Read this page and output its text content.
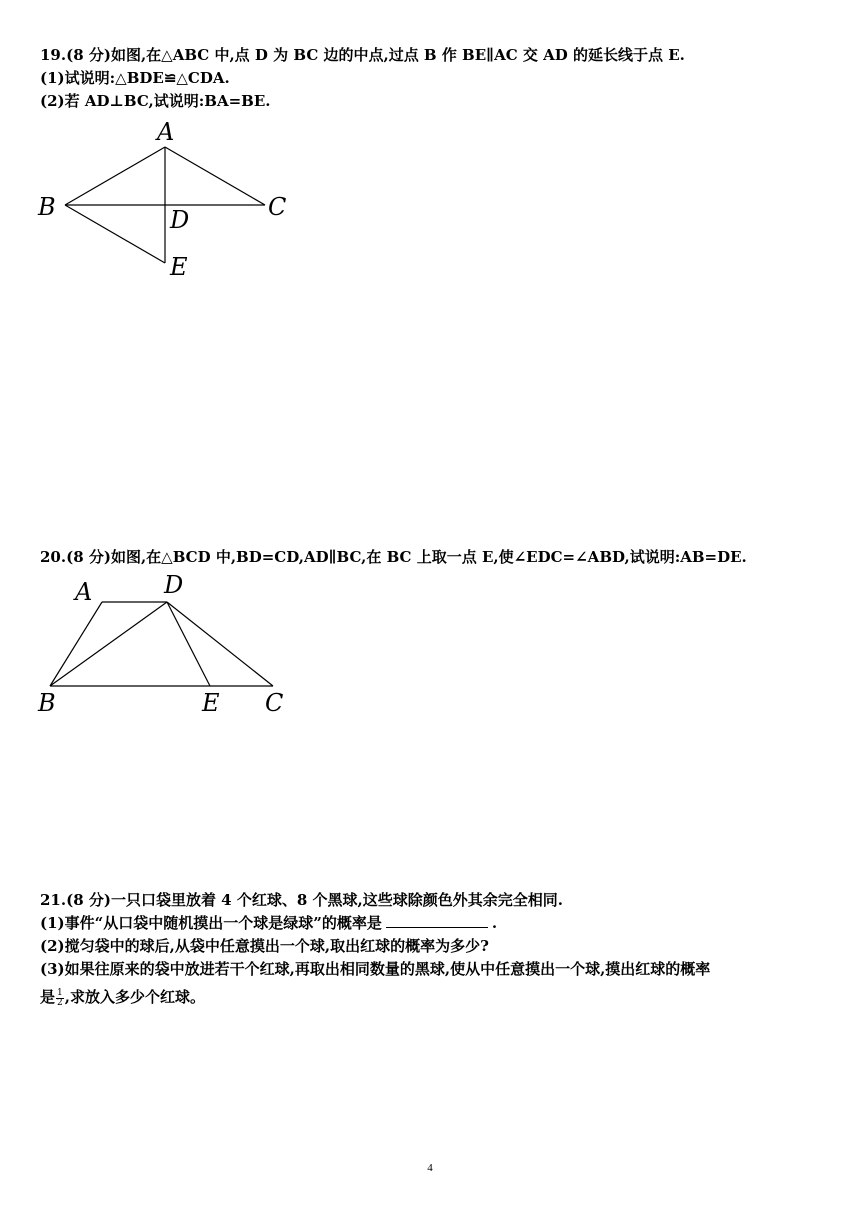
19.(8 分)如图,在△ABC 中,点 D 为 BC 边的中点,过点 B 作 BE∥AC 交 AD 的延长线于点 E.
(1)试说明:△BDE≌△CDA.
(2)若 AD⊥BC,试说明:BA=BE.
A
B	C
D
E
20.(8 分)如图,在△BCD 中,BD=CD,AD∥BC,在 BC 上取一点 E,使∠EDC=∠ABD,试说明:AB=DE.
A	D
B	E C
21.(8 分)一只口袋里放着 4 个红球、8 个黑球,这些球除颜色外其余完全相同.
(1)事件“从口袋中随机摸出一个球是绿球”的概率是	.
(2)搅匀袋中的球后,从袋中任意摸出一个球,取出红球的概率为多少?
(3)如果往原来的袋中放进若干个红球,再取出相同数量的黑球,使从中任意摸出一个球,摸出红球的概率
是 $\frac{1}{2}$ ,求放入多少个红球。
4
